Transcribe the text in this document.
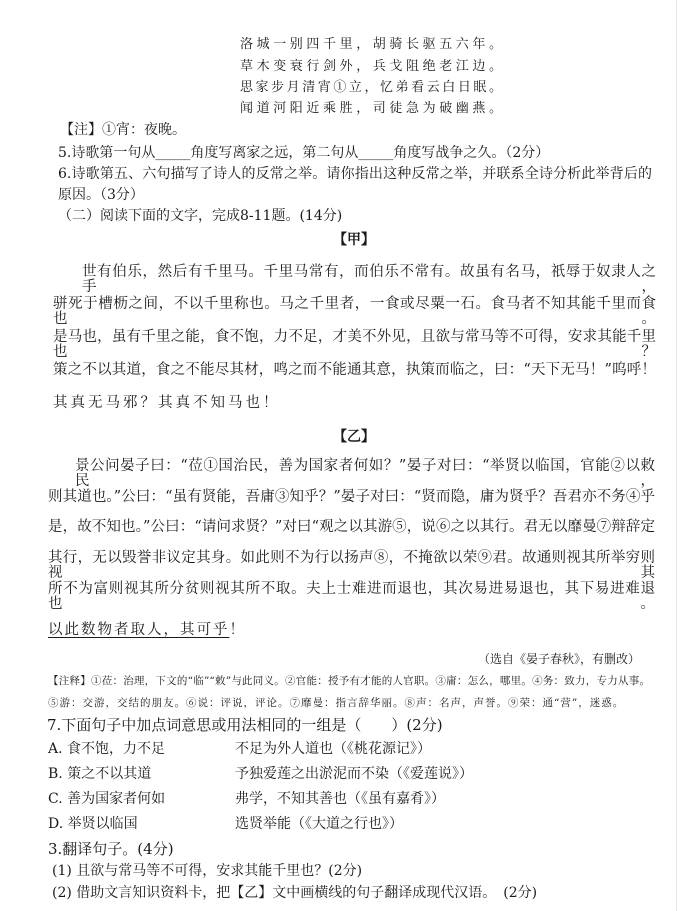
洛城一别四千里，胡骑长驱五六年。
草木变衰行剑外，兵戈阻绝老江边。
思家步月清宵①立，忆弟看云白日眠。
闻道河阳近乘胜，司徒急为破幽燕。
【注】①宵：夜晚。
5.诗歌第一句从_____角度写离家之远，第二句从_____角度写战争之久。（2分）
6.诗歌第五、六句描写了诗人的反常之举。请你指出这种反常之举，并联系全诗分析此举背后的
原因。（3分）
（二）阅读下面的文字，完成8-11题。(14分)
【甲】
世有伯乐，然后有千里马。千里马常有，而伯乐不常有。故虽有名马，祇辱于奴隶人之手，
骈死于槽枥之间，不以千里称也。马之千里者，一食或尽粟一石。食马者不知其能千里而食也。
是马也，虽有千里之能，食不饱，力不足，才美不外见，且欲与常马等不可得，安求其能千里也？
策之不以其道，食之不能尽其材，鸣之而不能通其意，执策而临之，曰：“天下无马！”呜呼！
其真无马邪？其真不知马也！
【乙】
景公问晏子曰：“莅①国治民，善为国家者何如？”晏子对曰：“举贤以临国，官能②以敕民，
则其道也。”公曰：“虽有贤能，吾庸③知乎？”晏子对曰：“贤而隐，庸为贤乎？吾君亦不务④乎
是，故不知也。”公曰：“请问求贤？”对曰“观之以其游⑤，说⑥之以其行。君无以靡曼⑦辩辞定
其行，无以毁誉非议定其身。如此则不为行以扬声⑧，不掩欲以荣⑨君。故通则视其所举穷则视其
所不为富则视其所分贫则视其所不取。夫上士难进而退也，其次易进易退也，其下易进难退也。
以此数物者取人，其可乎！
（选自《晏子春秋》，有删改）
【注释】①莅：治理，下文的“临”“敕”与此同义。②官能：授予有才能的人官职。③庸：怎么，哪里。④务：致力，专力从事。
⑤游：交游，交结的朋友。⑥说：评说，评论。⑦靡曼：指言辞华丽。⑧声：名声，声誉。⑨荣：通“营”，迷惑。
7.下面句子中加点词意思或用法相同的一组是（　　）(2分)
A. 食不饱，力不足	不足为外人道也（《桃花源记》）
B. 策之不以其道	予独爱莲之出淤泥而不染（《爱莲说》）
C. 善为国家者何如	弗学，不知其善也（《虽有嘉肴》）
D. 举贤以临国	选贤举能（《大道之行也》）
3.翻译句子。(4分)
(1) 且欲与常马等不可得，安求其能千里也？(2分)
(2) 借助文言知识资料卡，把【乙】文中画横线的句子翻译成现代汉语。　(2分)
